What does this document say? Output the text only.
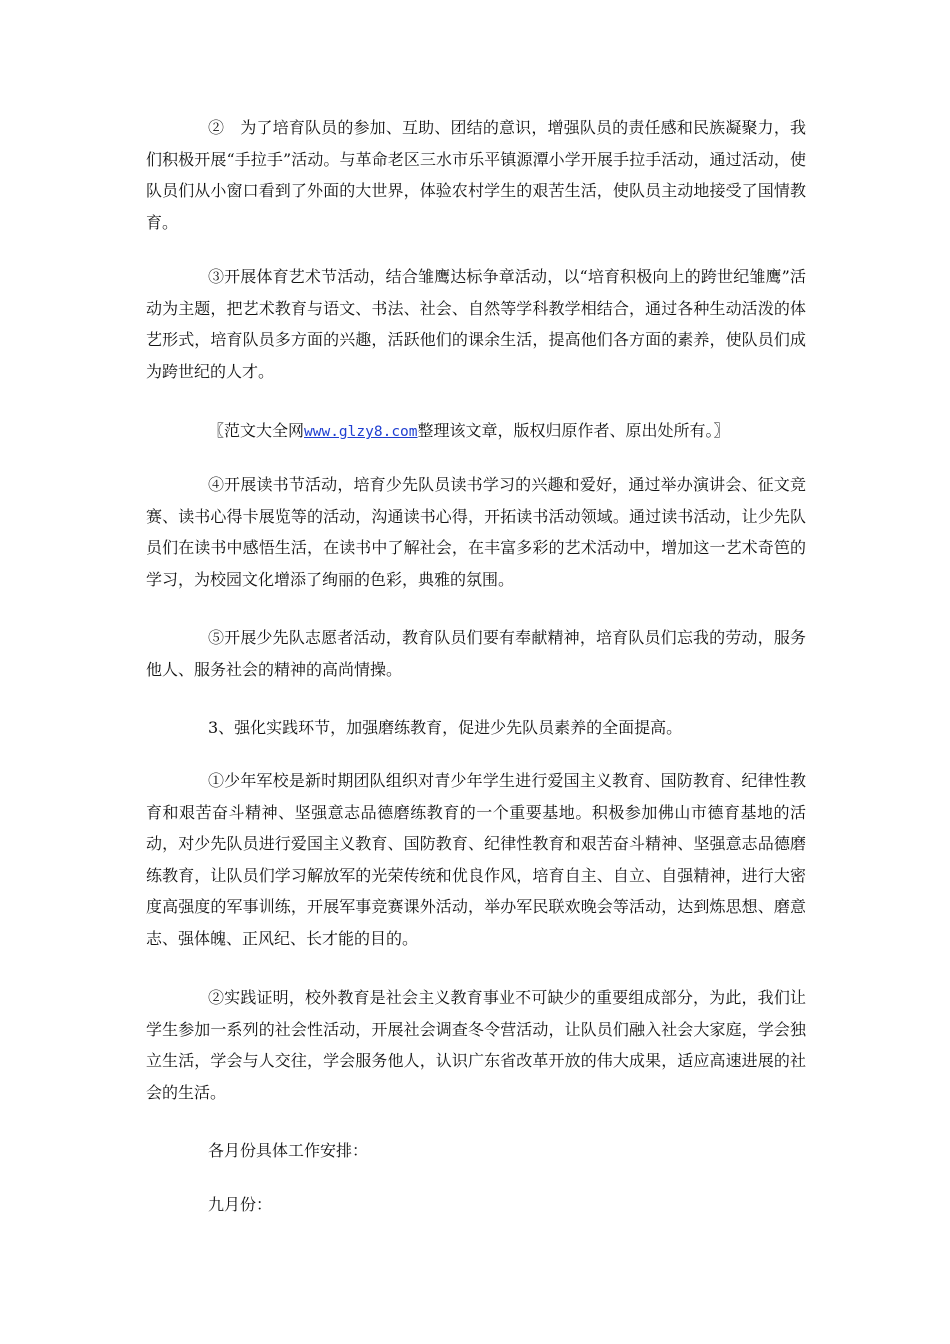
②　为了培育队员的参加、互助、团结的意识，增强队员的责任感和民族凝聚力，我们积极开展“手拉手”活动。与革命老区三水市乐平镇源潭小学开展手拉手活动，通过活动，使队员们从小窗口看到了外面的大世界，体验农村学生的艰苦生活，使队员主动地接受了国情教育。

③开展体育艺术节活动，结合雏鹰达标争章活动，以“培育积极向上的跨世纪雏鹰”活动为主题，把艺术教育与语文、书法、社会、自然等学科教学相结合，通过各种生动活泼的体艺形式，培育队员多方面的兴趣，活跃他们的课余生活，提高他们各方面的素养，使队员们成为跨世纪的人才。

〖范文大全网www.glzy8.com整理该文章，版权归原作者、原出处所有。〗

④开展读书节活动，培育少先队员读书学习的兴趣和爱好，通过举办演讲会、征文竞赛、读书心得卡展览等的活动，沟通读书心得，开拓读书活动领域。通过读书活动，让少先队员们在读书中感悟生活，在读书中了解社会，在丰富多彩的艺术活动中，增加这一艺术奇笆的学习，为校园文化增添了绚丽的色彩，典雅的氛围。

⑤开展少先队志愿者活动，教育队员们要有奉献精神，培育队员们忘我的劳动，服务他人、服务社会的精神的高尚情操。

3、强化实践环节，加强磨练教育，促进少先队员素养的全面提高。

①少年军校是新时期团队组织对青少年学生进行爱国主义教育、国防教育、纪律性教育和艰苦奋斗精神、坚强意志品德磨练教育的一个重要基地。积极参加佛山市德育基地的活动，对少先队员进行爱国主义教育、国防教育、纪律性教育和艰苦奋斗精神、坚强意志品德磨练教育，让队员们学习解放军的光荣传统和优良作风，培育自主、自立、自强精神，进行大密度高强度的军事训练，开展军事竞赛课外活动，举办军民联欢晚会等活动，达到炼思想、磨意志、强体魄、正风纪、长才能的目的。

②实践证明，校外教育是社会主义教育事业不可缺少的重要组成部分，为此，我们让学生参加一系列的社会性活动，开展社会调查冬令营活动，让队员们融入社会大家庭，学会独立生活，学会与人交往，学会服务他人，认识广东省改革开放的伟大成果，适应高速进展的社会的生活。

各月份具体工作安排：

九月份：
